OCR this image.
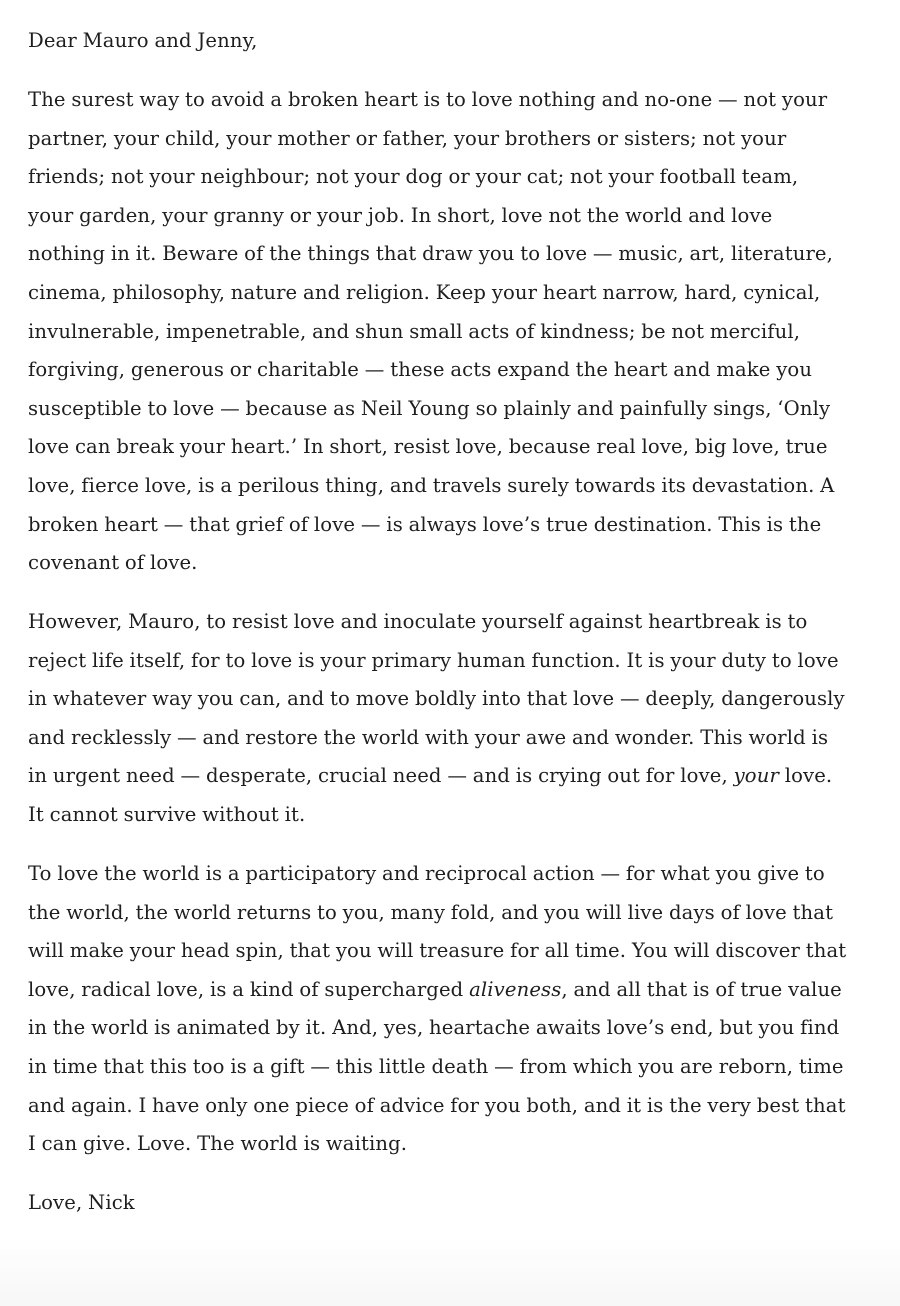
Dear Mauro and Jenny,

The surest way to avoid a broken heart is to love nothing and no-one — not your partner, your child, your mother or father, your brothers or sisters; not your friends; not your neighbour; not your dog or your cat; not your football team, your garden, your granny or your job. In short, love not the world and love nothing in it. Beware of the things that draw you to love — music, art, literature, cinema, philosophy, nature and religion. Keep your heart narrow, hard, cynical, invulnerable, impenetrable, and shun small acts of kindness; be not merciful, forgiving, generous or charitable — these acts expand the heart and make you susceptible to love — because as Neil Young so plainly and painfully sings, ‘Only love can break your heart.’ In short, resist love, because real love, big love, true love, fierce love, is a perilous thing, and travels surely towards its devastation. A broken heart — that grief of love — is always love’s true destination. This is the covenant of love.

However, Mauro, to resist love and inoculate yourself against heartbreak is to reject life itself, for to love is your primary human function. It is your duty to love in whatever way you can, and to move boldly into that love — deeply, dangerously and recklessly — and restore the world with your awe and wonder. This world is in urgent need — desperate, crucial need — and is crying out for love, your love. It cannot survive without it.

To love the world is a participatory and reciprocal action — for what you give to the world, the world returns to you, many fold, and you will live days of love that will make your head spin, that you will treasure for all time. You will discover that love, radical love, is a kind of supercharged aliveness, and all that is of true value in the world is animated by it. And, yes, heartache awaits love’s end, but you find in time that this too is a gift — this little death — from which you are reborn, time and again. I have only one piece of advice for you both, and it is the very best that I can give. Love. The world is waiting.

Love, Nick
